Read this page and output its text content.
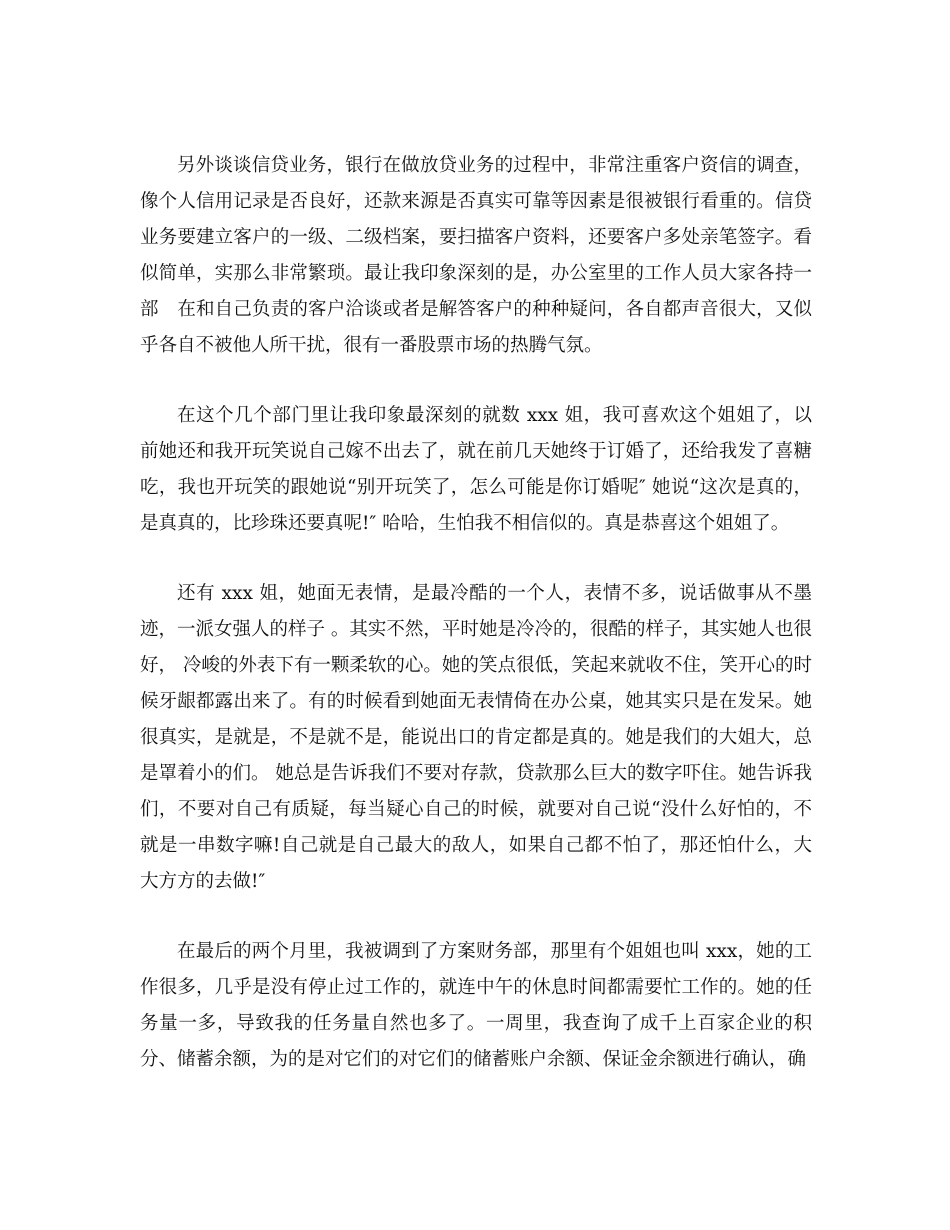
另外谈谈信贷业务，银行在做放贷业务的过程中，非常注重客户资信的调查，像个人信用记录是否良好，还款来源是否真实可靠等因素是很被银行看重的。信贷业务要建立客户的一级、二级档案，要扫描客户资料，还要客户多处亲笔签字。看似简单，实那么非常繁琐。最让我印象深刻的是，办公室里的工作人员大家各持一部　在和自己负责的客户洽谈或者是解答客户的种种疑问，各自都声音很大，又似乎各自不被他人所干扰，很有一番股票市场的热腾气氛。

在这个几个部门里让我印象最深刻的就数 xxx 姐，我可喜欢这个姐姐了，以前她还和我开玩笑说自己嫁不出去了，就在前几天她终于订婚了，还给我发了喜糖吃，我也开玩笑的跟她说“别开玩笑了，怎么可能是你订婚呢″ 她说“这次是真的，是真真的，比珍珠还要真呢!″ 哈哈，生怕我不相信似的。真是恭喜这个姐姐了。

还有 xxx 姐，她面无表情，是最冷酷的一个人，表情不多，说话做事从不墨迹，一派女强人的样子 。其实不然，平时她是冷冷的，很酷的样子，其实她人也很好， 冷峻的外表下有一颗柔软的心。她的笑点很低，笑起来就收不住，笑开心的时候牙龈都露出来了。有的时候看到她面无表情倚在办公桌，她其实只是在发呆。她很真实，是就是，不是就不是，能说出口的肯定都是真的。她是我们的大姐大，总是罩着小的们。 她总是告诉我们不要对存款，贷款那么巨大的数字吓住。她告诉我们，不要对自己有质疑，每当疑心自己的时候，就要对自己说“没什么好怕的，不就是一串数字嘛!自己就是自己最大的敌人，如果自己都不怕了，那还怕什么，大大方方的去做!″

在最后的两个月里，我被调到了方案财务部，那里有个姐姐也叫 xxx，她的工作很多，几乎是没有停止过工作的，就连中午的休息时间都需要忙工作的。她的任务量一多，导致我的任务量自然也多了。一周里，我查询了成千上百家企业的积分、储蓄余额，为的是对它们的对它们的储蓄账户余额、保证金余额进行确认，确
